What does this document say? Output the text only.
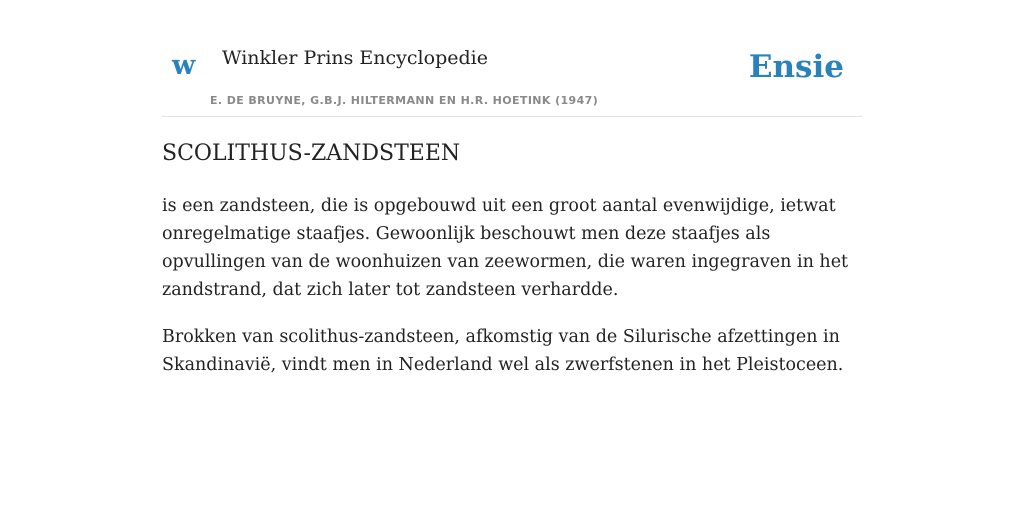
w Winkler Prins Encyclopedie
E. DE BRUYNE, G.B.J. HILTERMANN EN H.R. HOETINK (1947)
Ensie
SCOLITHUS-ZANDSTEEN

is een zandsteen, die is opgebouwd uit een groot aantal evenwijdige, ietwat onregelmatige staafjes. Gewoonlijk beschouwt men deze staafjes als opvullingen van de woonhuizen van zeewormen, die waren ingegraven in het zandstrand, dat zich later tot zandsteen verhardde.

Brokken van scolithus-zandsteen, afkomstig van de Silurische afzettingen in Skandinavië, vindt men in Nederland wel als zwerfstenen in het Pleistoceen.
